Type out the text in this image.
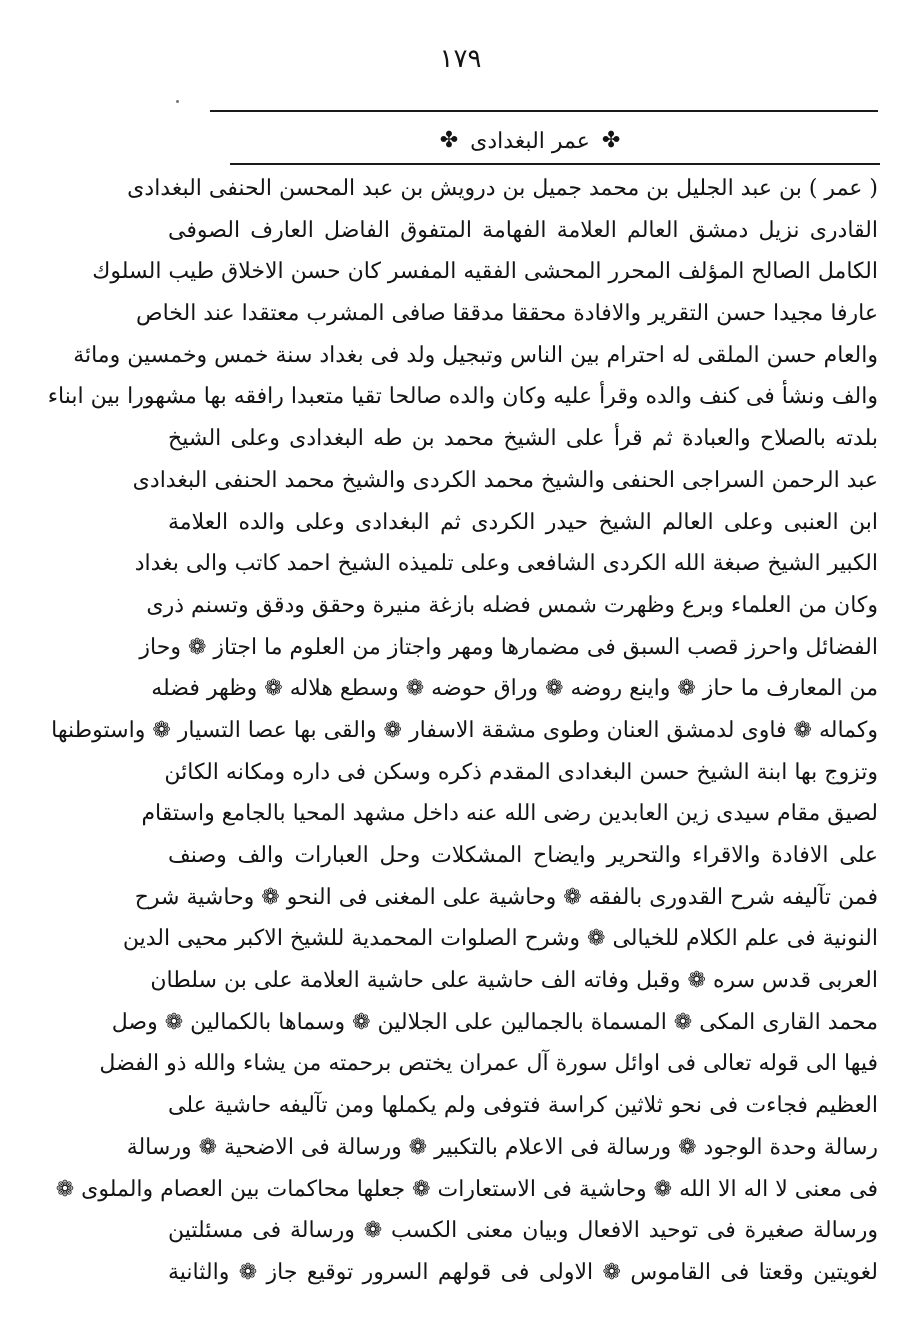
١٧٩
✤
عمر البغدادى
✤
( عمر ) بن عبد الجليل بن محمد جميل بن درويش بن عبد المحسن الحنفى البغدادى
القادرى نزيل دمشق العالم العلامة الفهامة المتفوق الفاضل العارف الصوفى
الكامل الصالح المؤلف المحرر المحشى الفقيه المفسر كان حسن الاخلاق طيب السلوك
عارفا مجيدا حسن التقرير والافادة محققا مدققا صافى المشرب معتقدا عند الخاص
والعام حسن الملقى له احترام بين الناس وتبجيل ولد فى بغداد سنة خمس وخمسين ومائة
والف ونشأ فى كنف والده وقرأ عليه وكان والده صالحا تقيا متعبدا رافقه بها مشهورا بين ابناء
بلدته بالصلاح والعبادة ثم قرأ على الشيخ محمد بن طه البغدادى وعلى الشيخ
عبد الرحمن السراجى الحنفى والشيخ محمد الكردى والشيخ محمد الحنفى البغدادى
ابن العنبى وعلى العالم الشيخ حيدر الكردى ثم البغدادى وعلى والده العلامة
الكبير الشيخ صبغة الله الكردى الشافعى وعلى تلميذه الشيخ احمد كاتب والى بغداد
وكان من العلماء وبرع وظهرت شمس فضله بازغة منيرة وحقق ودقق وتسنم ذرى
الفضائل واحرز قصب السبق فى مضمارها ومهر واجتاز من العلوم ما اجتاز ❁ وحاز
من المعارف ما حاز ❁ واينع روضه ❁ وراق حوضه ❁ وسطع هلاله ❁ وظهر فضله
وكماله ❁ فاوى لدمشق العنان وطوى مشقة الاسفار ❁ والقى بها عصا التسيار ❁ واستوطنها
وتزوج بها ابنة الشيخ حسن البغدادى المقدم ذكره وسكن فى داره ومكانه الكائن
لصيق مقام سيدى زين العابدين رضى الله عنه داخل مشهد المحيا بالجامع واستقام
على الافادة والاقراء والتحرير وايضاح المشكلات وحل العبارات والف وصنف
فمن تآليفه شرح القدورى بالفقه ❁ وحاشية على المغنى فى النحو ❁ وحاشية شرح
النونية فى علم الكلام للخيالى ❁ وشرح الصلوات المحمدية للشيخ الاكبر محيى الدين
العربى قدس سره ❁ وقبل وفاته الف حاشية على حاشية العلامة على بن سلطان
محمد القارى المكى ❁ المسماة بالجمالين على الجلالين ❁ وسماها بالكمالين ❁ وصل
فيها الى قوله تعالى فى اوائل سورة آل عمران يختص برحمته من يشاء والله ذو الفضل
العظيم فجاءت فى نحو ثلاثين كراسة فتوفى ولم يكملها ومن تآليفه حاشية على
رسالة وحدة الوجود ❁ ورسالة فى الاعلام بالتكبير ❁ ورسالة فى الاضحية ❁ ورسالة
فى معنى لا اله الا الله ❁ وحاشية فى الاستعارات ❁ جعلها محاكمات بين العصام والملوى ❁
ورسالة صغيرة فى توحيد الافعال وبيان معنى الكسب ❁ ورسالة فى مسئلتين
لغويتين وقعتا فى القاموس ❁ الاولى فى قولهم السرور توقيع جاز ❁ والثانية
